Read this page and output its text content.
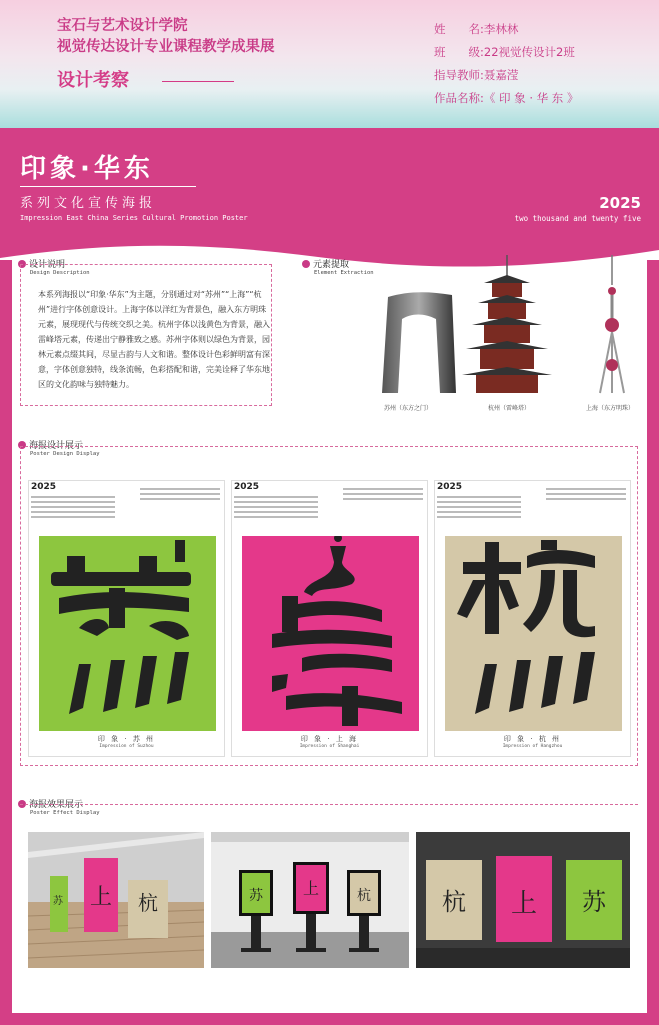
宝石与艺术设计学院
视觉传达设计专业课程教学成果展
设计考察
姓　　名:李林林
班　　级:22视觉传设计2班
指导教师:聂嘉滢
作品名称:《 印 象 · 华 东 》
印象·华东
系列文化宣传海报
Impression East China Series Cultural Promotion Poster
2025
two thousand and twenty five
设计说明
Design Description
本系列海报以“印象·华东”为主题，分别通过对“苏州”“上海”“杭州”进行字体创意设计。上海字体以洋红为背景色，融入东方明珠元素，展现现代与传统交织之美。杭州字体以浅黄色为背景，融入雷峰塔元素，传递出宁静雅致之感。苏州字体则以绿色为背景，园林元素点缀其间，尽显古韵与人文和谐。整体设计色彩鲜明富有深意，字体创意独特，线条流畅，色彩搭配和谐，完美诠释了华东地区的文化韵味与独特魅力。
元素提取
Element Extraction
苏州（东方之门）	杭州（雷峰塔）	上海（东方明珠）
海报设计展示
Poster Design Display
2025
印 象 · 苏 州
Impression of Suzhou
2025
印 象 · 上 海
Impression of Shanghai
2025
印 象 · 杭 州
Impression of Hangzhou
海报效果展示
Poster Effect Display
苏 上 杭	苏 上	杭	杭 上 苏
